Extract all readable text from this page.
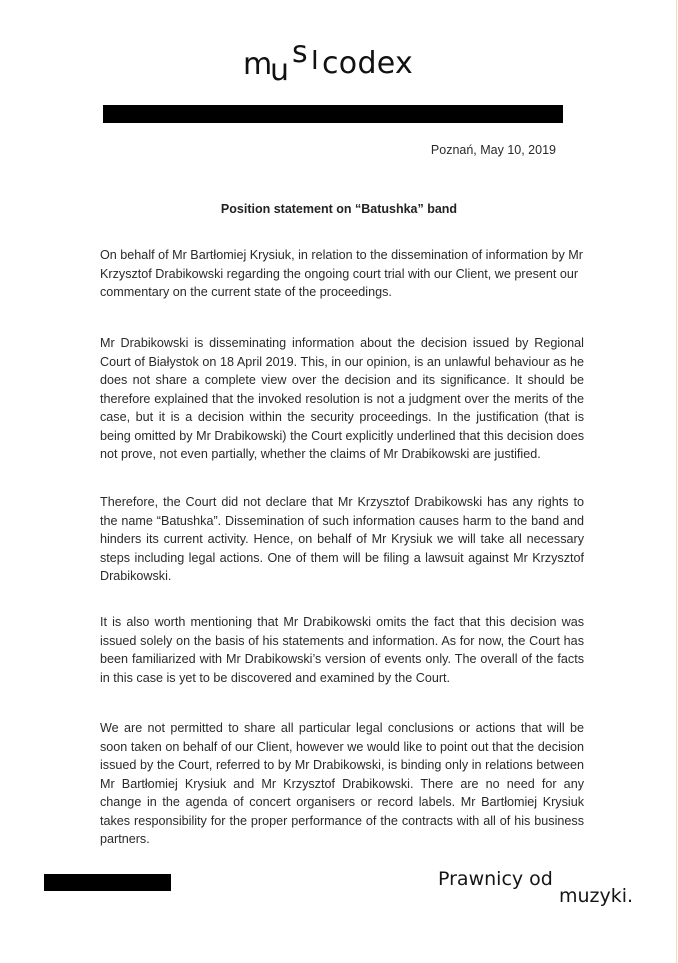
m
u
s I codex
Poznań, May 10, 2019
Position statement on “Batushka” band

On behalf of Mr Bartłomiej Krysiuk, in relation to the dissemination of information by Mr Krzysztof Drabikowski regarding the ongoing court trial with our Client, we present our commentary on the current state of the proceedings.

Mr Drabikowski is disseminating information about the decision issued by Regional Court of Białystok on 18 April 2019. This, in our opinion, is an unlawful behaviour as he does not share a complete view over the decision and its significance. It should be therefore explained that the invoked resolution is not a judgment over the merits of the case, but it is a decision within the security proceedings. In the justification (that is being omitted by Mr Drabikowski) the Court explicitly underlined that this decision does not prove, not even partially, whether the claims of Mr Drabikowski are justified.

Therefore, the Court did not declare that Mr Krzysztof Drabikowski has any rights to the name “Batushka”. Dissemination of such information causes harm to the band and hinders its current activity. Hence, on behalf of Mr Krysiuk we will take all necessary steps including legal actions. One of them will be filing a lawsuit against Mr Krzysztof Drabikowski.

It is also worth mentioning that Mr Drabikowski omits the fact that this decision was issued solely on the basis of his statements and information. As for now, the Court has been familiarized with Mr Drabikowski’s version of events only. The overall of the facts in this case is yet to be discovered and examined by the Court.

We are not permitted to share all particular legal conclusions or actions that will be soon taken on behalf of our Client, however we would like to point out that the decision issued by the Court, referred to by Mr Drabikowski, is binding only in relations between Mr Bartłomiej Krysiuk and Mr Krzysztof Drabikowski. There are no need for any change in the agenda of concert organisers or record labels. Mr Bartłomiej Krysiuk takes responsibility for the proper performance of the contracts with all of his business partners.

Prawnicy od
muzyki.
